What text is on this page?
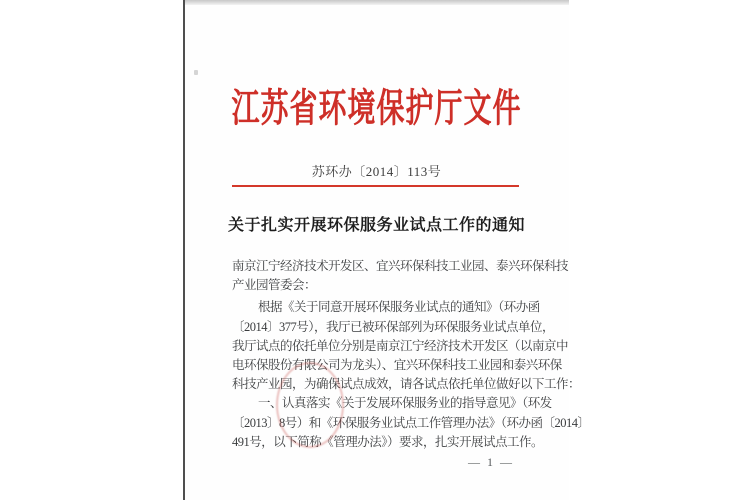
江苏省环境保护厅文件
苏环办〔2014〕113号
关于扎实开展环保服务业试点工作的通知
南京江宁经济技术开发区、宜兴环保科技工业园、泰兴环保科技
产业园管委会：
根据《关于同意开展环保服务业试点的通知》（环办函
〔2014〕377号），我厅已被环保部列为环保服务业试点单位，
我厅试点的依托单位分别是南京江宁经济技术开发区（以南京中
电环保股份有限公司为龙头）、宜兴环保科技工业园和泰兴环保
科技产业园，为确保试点成效，请各试点依托单位做好以下工作：
一、认真落实《关于发展环保服务业的指导意见》（环发
〔2013〕8号）和《环保服务业试点工作管理办法》（环办函〔2014〕
491号，以下简称《管理办法》）要求，扎实开展试点工作。
— 1 —
